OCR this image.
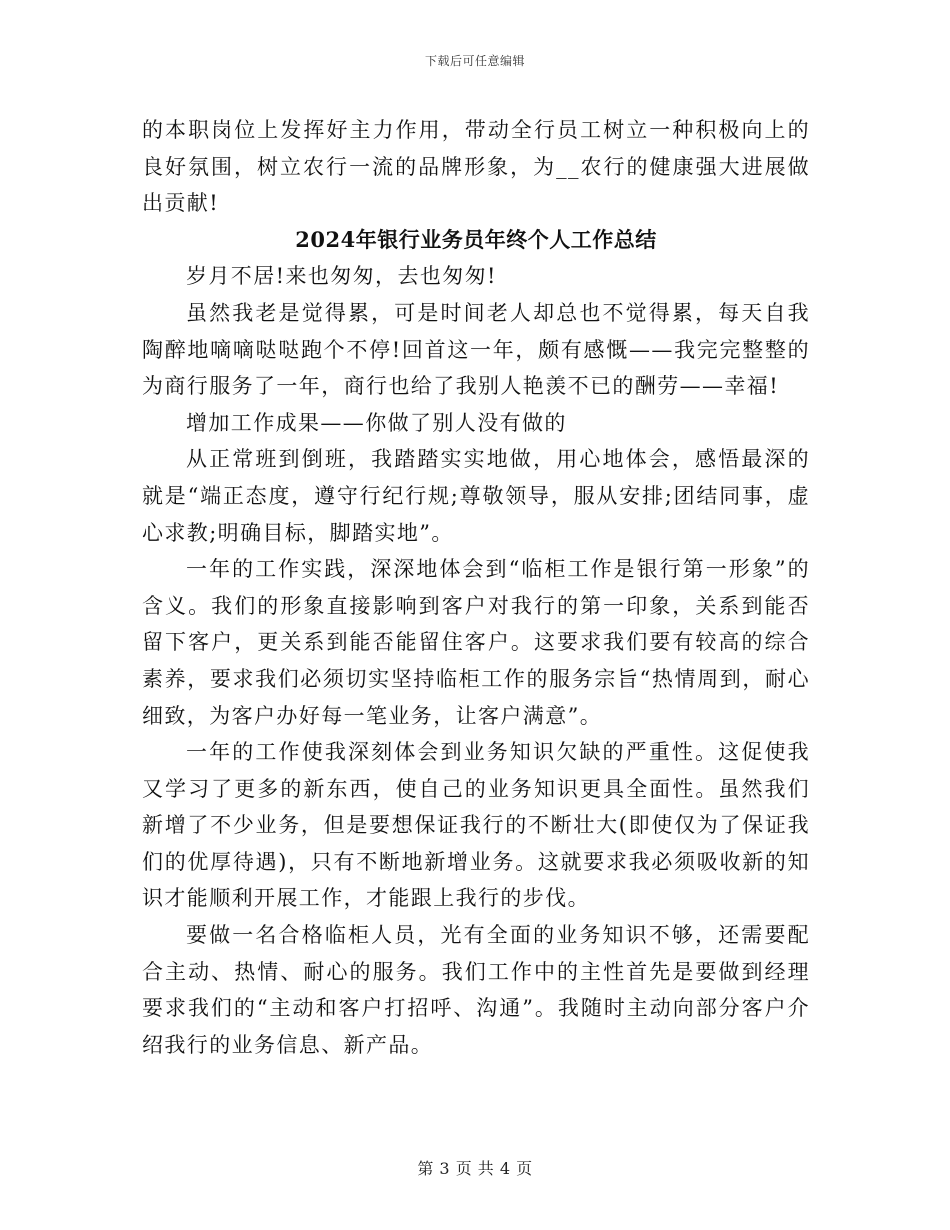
下载后可任意编辑

的本职岗位上发挥好主力作用，带动全行员工树立一种积极向上的良好氛围，树立农行一流的品牌形象，为__农行的健康强大进展做出贡献!

2024年银行业务员年终个人工作总结

岁月不居!来也匆匆，去也匆匆!

虽然我老是觉得累，可是时间老人却总也不觉得累，每天自我陶醉地嘀嘀哒哒跑个不停!回首这一年，颇有感慨——我完完整整的为商行服务了一年，商行也给了我别人艳羡不已的酬劳——幸福!

增加工作成果——你做了别人没有做的

从正常班到倒班，我踏踏实实地做，用心地体会，感悟最深的就是“端正态度，遵守行纪行规;尊敬领导，服从安排;团结同事，虚心求教;明确目标，脚踏实地”。

一年的工作实践，深深地体会到“临柜工作是银行第一形象”的含义。我们的形象直接影响到客户对我行的第一印象，关系到能否留下客户，更关系到能否能留住客户。这要求我们要有较高的综合素养，要求我们必须切实坚持临柜工作的服务宗旨“热情周到，耐心细致，为客户办好每一笔业务，让客户满意”。

一年的工作使我深刻体会到业务知识欠缺的严重性。这促使我又学习了更多的新东西，使自己的业务知识更具全面性。虽然我们新增了不少业务，但是要想保证我行的不断壮大(即使仅为了保证我们的优厚待遇)，只有不断地新增业务。这就要求我必须吸收新的知识才能顺利开展工作，才能跟上我行的步伐。

要做一名合格临柜人员，光有全面的业务知识不够，还需要配合主动、热情、耐心的服务。我们工作中的主性首先是要做到经理要求我们的“主动和客户打招呼、沟通”。我随时主动向部分客户介绍我行的业务信息、新产品。

第 3 页 共 4 页
